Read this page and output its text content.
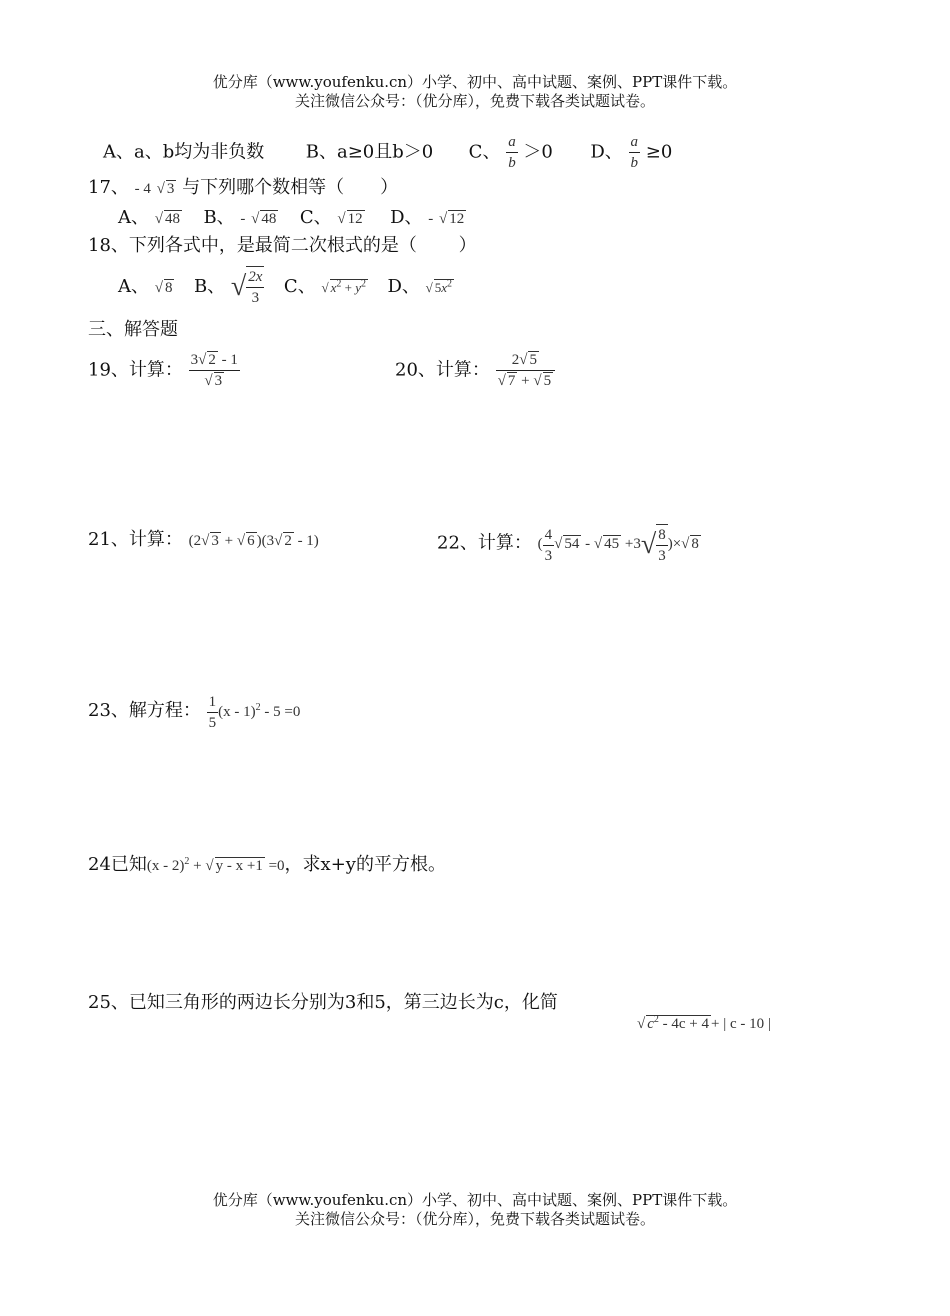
优分库（www.youfenku.cn）小学、初中、高中试题、案例、PPT课件下载。
关注微信公众号：（优分库），免费下载各类试题试卷。
A、a、b均为非负数 B、a≥0且b＞0 C、 $\frac{a}{b} >0$ D、 $\frac{a}{b} \ge 0$
17、 - 4 √ 3 与下列哪个数相等（　　）
A、 √ 48 B、 - √ 48 C、 √ 12 D、 - √ 12
18、下列各式中，是最简二次根式的是（　　 ）
A、 √ 8 B、 √ $\frac{2x}{3}$ C、 √ $x^2 + y^2$ D、 √ $5x^2$
三、解答题
19、计算： $\frac{3√ 2 - 1}{√ 3}$	20、计算： $\frac{2√ 5}{√ 7 + √ 5}$
21、计算： (2√ 3 + √ 6 )(3√ 2 - 1)	22、计算： ( $\frac{4}{3}$ √ 54 - √ $45 +3√ \frac{8}{3}$ )×√ 8
23、解方程： $\frac{1}{5} (x - 1)^2 - 5 =0$
24已知(x - 2)$^2$ + √ y - x +1 =0，求x+y的平方根。
25、已知三角形的两边长分别为3和5，第三边长为c，化简
√ $c^2 - 4c + 4$ + | c - 10 |
优分库（www.youfenku.cn）小学、初中、高中试题、案例、PPT课件下载。
关注微信公众号：（优分库），免费下载各类试题试卷。
